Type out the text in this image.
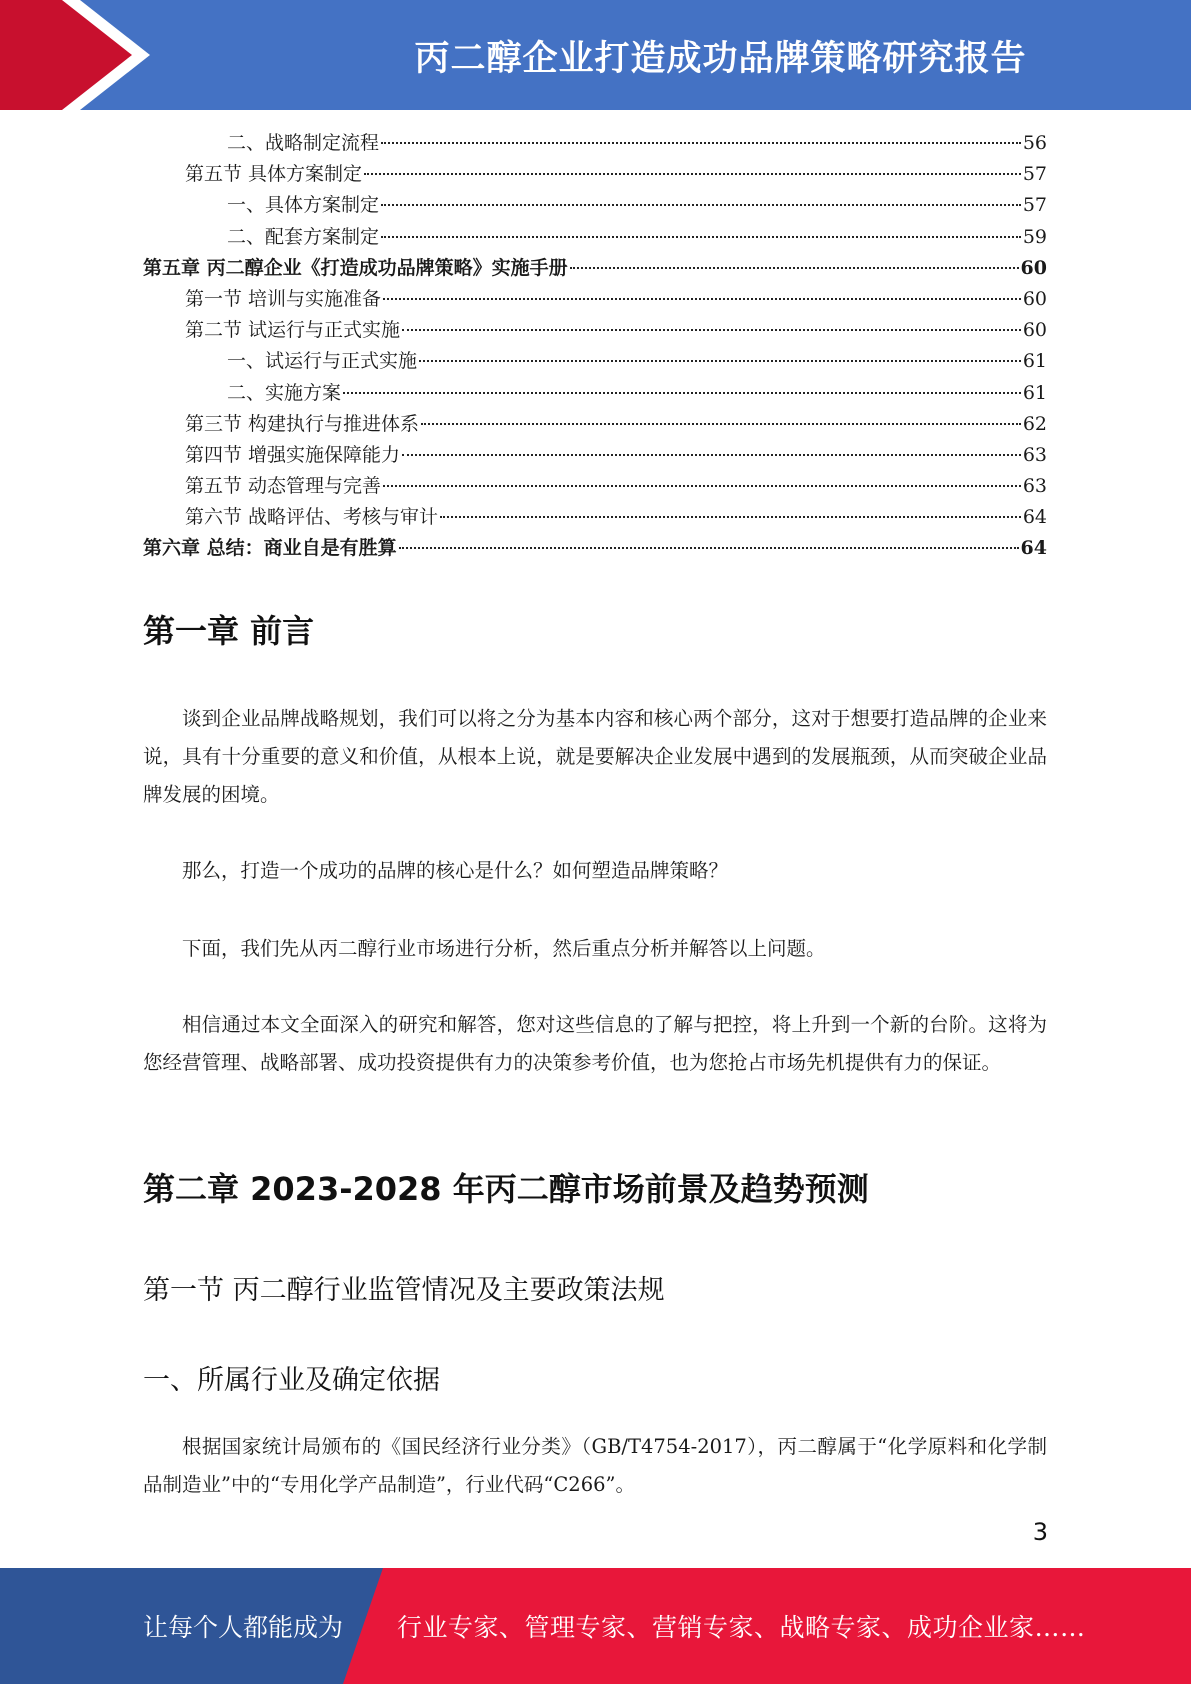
丙二醇企业打造成功品牌策略研究报告
二、战略制定流程	56
第五节 具体方案制定	57
一、具体方案制定	57
二、配套方案制定	59
第五章 丙二醇企业《打造成功品牌策略》实施手册	60
第一节 培训与实施准备	60
第二节 试运行与正式实施	60
一、试运行与正式实施	61
二、实施方案	61
第三节 构建执行与推进体系	62
第四节 增强实施保障能力	63
第五节 动态管理与完善	63
第六节 战略评估、考核与审计	64
第六章 总结：商业自是有胜算	64
第一章 前言
谈到企业品牌战略规划，我们可以将之分为基本内容和核心两个部分，这对于想要打造品牌的企业来说，具有十分重要的意义和价值，从根本上说，就是要解决企业发展中遇到的发展瓶颈，从而突破企业品牌发展的困境。
那么，打造一个成功的品牌的核心是什么？如何塑造品牌策略？
下面，我们先从丙二醇行业市场进行分析，然后重点分析并解答以上问题。
相信通过本文全面深入的研究和解答，您对这些信息的了解与把控，将上升到一个新的台阶。这将为您经营管理、战略部署、成功投资提供有力的决策参考价值，也为您抢占市场先机提供有力的保证。
第二章 2023-2028 年丙二醇市场前景及趋势预测
第一节 丙二醇行业监管情况及主要政策法规
一、所属行业及确定依据
根据国家统计局颁布的《国民经济行业分类》（GB/T4754-2017），丙二醇属于“化学原料和化学制品制造业”中的“专用化学产品制造”，行业代码“C266”。
3
让每个人都能成为 行业专家、管理专家、营销专家、战略专家、成功企业家……
